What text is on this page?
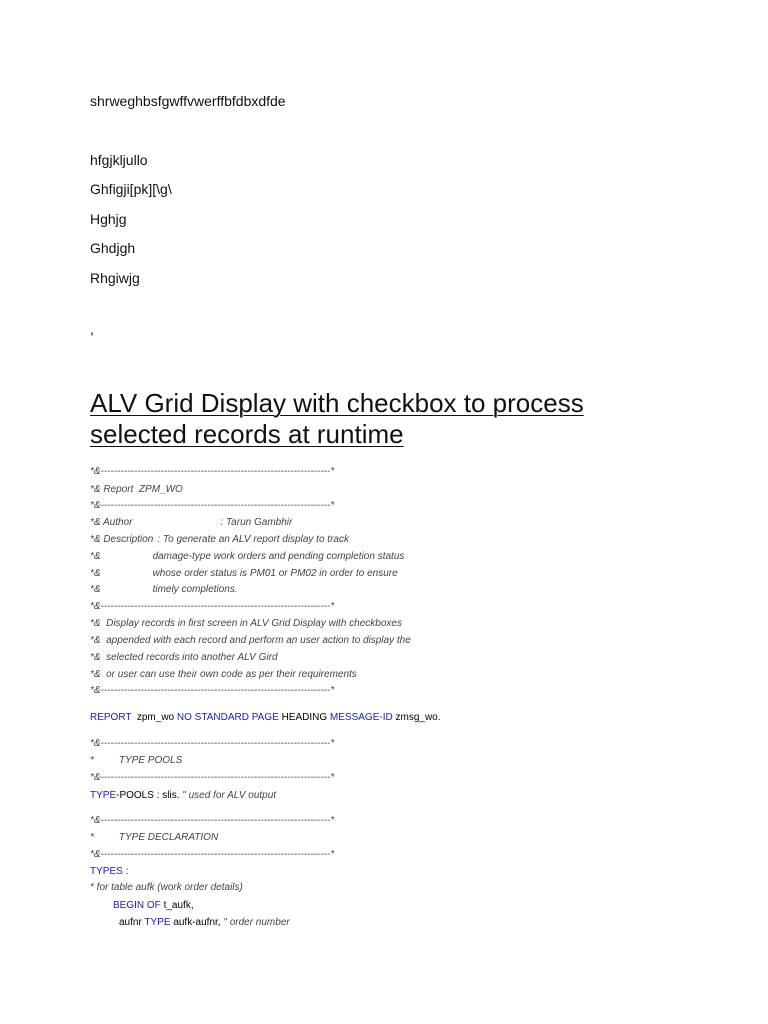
shrweghbsfgwffvwerffbfdbxdfde
hfgjkljullo
Ghfigji[pk][\g\
Hghjg
Ghdjgh
Rhgiwjg
,
ALV Grid Display with checkbox to process selected records at runtime
*&---------------------------------------------------------------------*
*& Report  ZPM_WO
*&---------------------------------------------------------------------*
*& Author	: Tarun Gambhir
*& Description : To generate an ALV report display to track
*&	damage-type work orders and pending completion status
*&	whose order status is PM01 or PM02 in order to ensure
*&	timely completions.
*&---------------------------------------------------------------------*
*&  Display records in first screen in ALV Grid Display with checkboxes
*&  appended with each record and perform an user action to display the
*&  selected records into another ALV Gird
*&  or user can use their own code as per their requirements
*&---------------------------------------------------------------------*
REPORT zpm_wo NO STANDARD PAGE HEADING MESSAGE-ID zmsg_wo.
*&---------------------------------------------------------------------*
*         TYPE POOLS
*&---------------------------------------------------------------------*
TYPE-POOLS : slis. " used for ALV output
*&---------------------------------------------------------------------*
*         TYPE DECLARATION
*&---------------------------------------------------------------------*
TYPES :
* for table aufk (work order details)
BEGIN OF t_aufk,
aufnr TYPE aufk-aufnr, " order number
